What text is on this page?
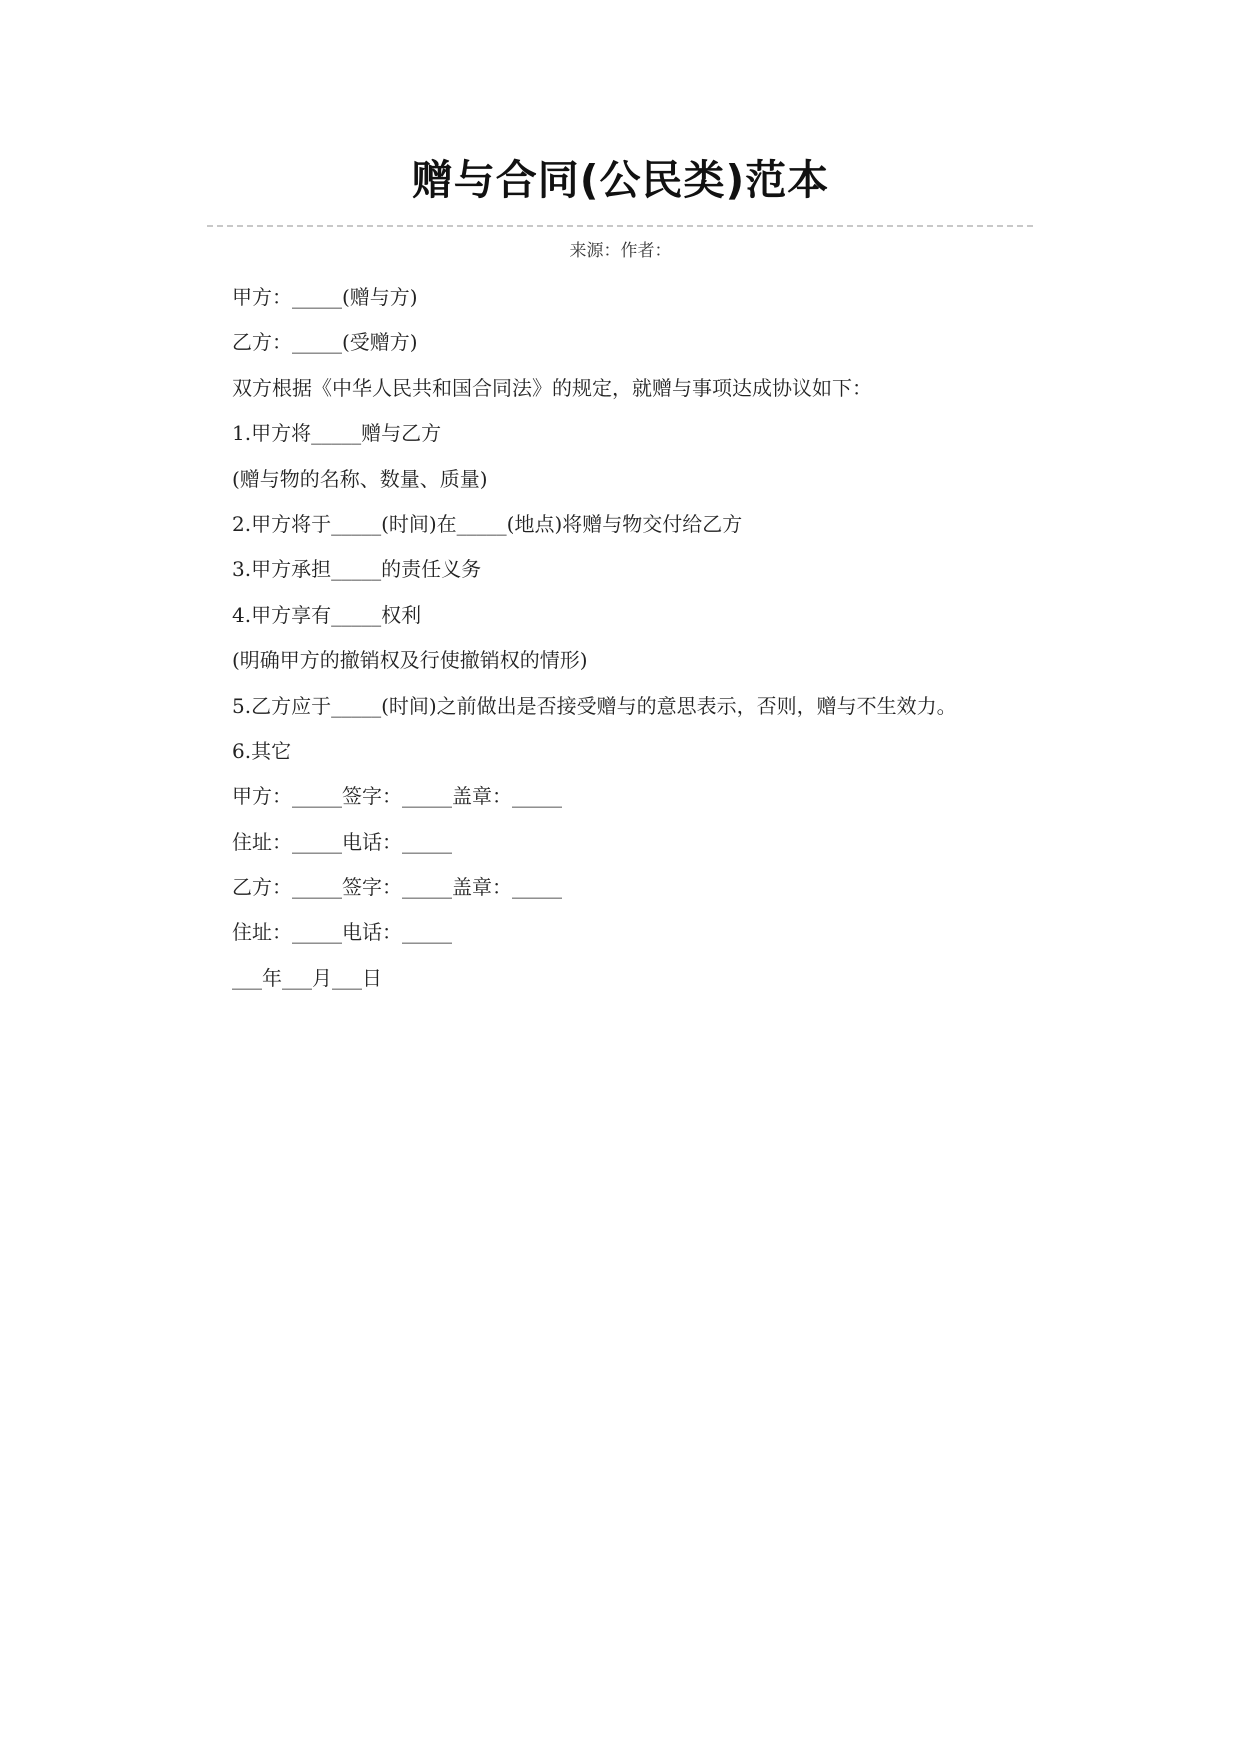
赠与合同(公民类)范本
来源：作者：
甲方：_____(赠与方)
乙方：_____(受赠方)
双方根据《中华人民共和国合同法》的规定，就赠与事项达成协议如下：
1.甲方将_____赠与乙方
(赠与物的名称、数量、质量)
2.甲方将于_____(时间)在_____(地点)将赠与物交付给乙方
3.甲方承担_____的责任义务
4.甲方享有_____权利
(明确甲方的撤销权及行使撤销权的情形)
5.乙方应于_____(时间)之前做出是否接受赠与的意思表示，否则，赠与不生效力。
6.其它
甲方：_____签字：_____盖章：_____
住址：_____电话：_____
乙方：_____签字：_____盖章：_____
住址：_____电话：_____
___年___月___日
